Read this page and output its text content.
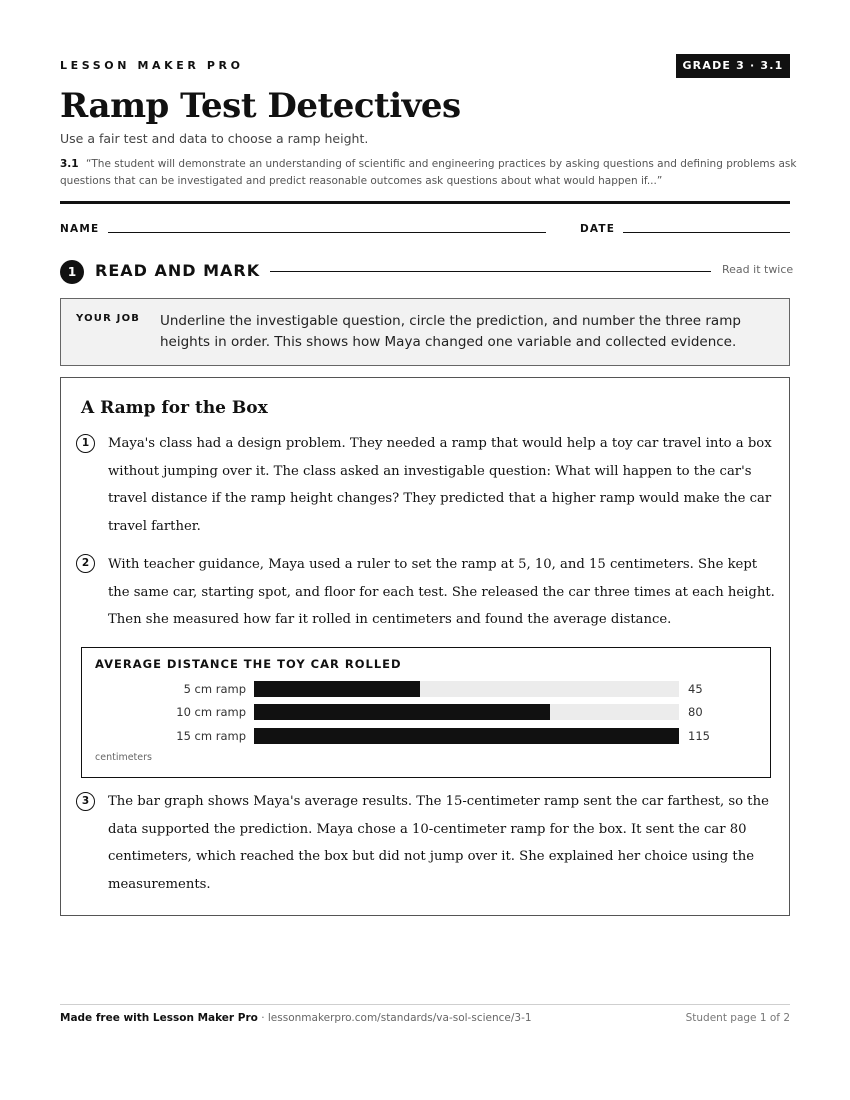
LESSON MAKER PRO	GRADE 3 · 3.1
Ramp Test Detectives
Use a fair test and data to choose a ramp height.
3.1 “The student will demonstrate an understanding of scientific and engineering practices by asking questions and defining problems ask questions that can be investigated and predict reasonable outcomes ask questions about what would happen if...”
NAME	DATE
1	READ AND MARK	Read it twice
YOUR JOB Underline the investigable question, circle the prediction, and number the three ramp heights in order. This shows how Maya changed one variable and collected evidence.
A Ramp for the Box
1	Maya's class had a design problem. They needed a ramp that would help a toy car travel into a box without jumping over it. The class asked an investigable question: What will happen to the car's travel distance if the ramp height changes? They predicted that a higher ramp would make the car travel farther.

2	With teacher guidance, Maya used a ruler to set the ramp at 5, 10, and 15 centimeters. She kept the same car, starting spot, and floor for each test. She released the car three times at each height. Then she measured how far it rolled in centimeters and found the average distance.

AVERAGE DISTANCE THE TOY CAR ROLLED
5 cm ramp	45
10 cm ramp	80
15 cm ramp	115
centimeters
3	The bar graph shows Maya's average results. The 15-centimeter ramp sent the car farthest, so the data supported the prediction. Maya chose a 10-centimeter ramp for the box. It sent the car 80 centimeters, which reached the box but did not jump over it. She explained her choice using the measurements.

Made free with Lesson Maker Pro · lessonmakerpro.com/standards/va-sol-science/3-1	Student page 1 of 2
